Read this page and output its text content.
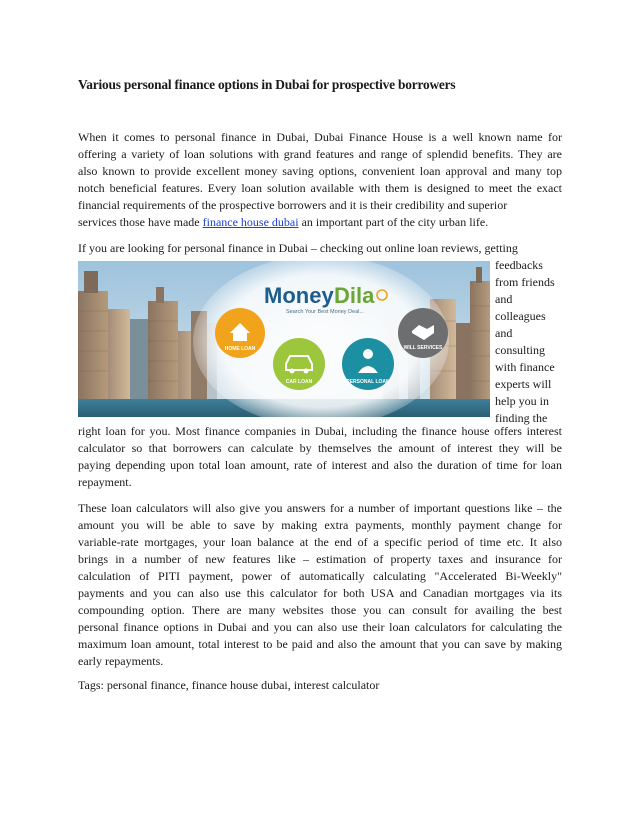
Various personal finance options in Dubai for prospective borrowers
When it comes to personal finance in Dubai, Dubai Finance House is a well known name for
offering a variety of loan solutions with grand features and range of splendid benefits. They are
also known to provide excellent money saving options, convenient loan approval and many top
notch beneficial features. Every loan solution available with them is designed to meet the exact
financial requirements of the prospective borrowers and it is their credibility and superior
services those have made finance house dubai an important part of the city urban life.
If you are looking for personal finance in Dubai – checking out online loan reviews, getting
Money Dila
Search Your Best Money Deal...
HOME LOAN
CAR LOAN	PERSONAL LOAN
WILL SERVICES
feedbacks
from friends
and
colleagues
and
consulting
with finance
experts will
help you in
finding the
right loan for you. Most finance companies in Dubai, including the finance house offers interest
calculator so that borrowers can calculate by themselves the amount of interest they will be
paying depending upon total loan amount, rate of interest and also the duration of time for loan
repayment.
These loan calculators will also give you answers for a number of important questions like – the
amount you will be able to save by making extra payments, monthly payment change for
variable-rate mortgages, your loan balance at the end of a specific period of time etc. It also
brings in a number of new features like – estimation of property taxes and insurance for
calculation of PITI payment, power of automatically calculating "Accelerated Bi-Weekly"
payments and you can also use this calculator for both USA and Canadian mortgages via its
compounding option. There are many websites those you can consult for availing the best
personal finance options in Dubai and you can also use their loan calculators for calculating the
maximum loan amount, total interest to be paid and also the amount that you can save by making
early repayments.
Tags: personal finance, finance house dubai, interest calculator
